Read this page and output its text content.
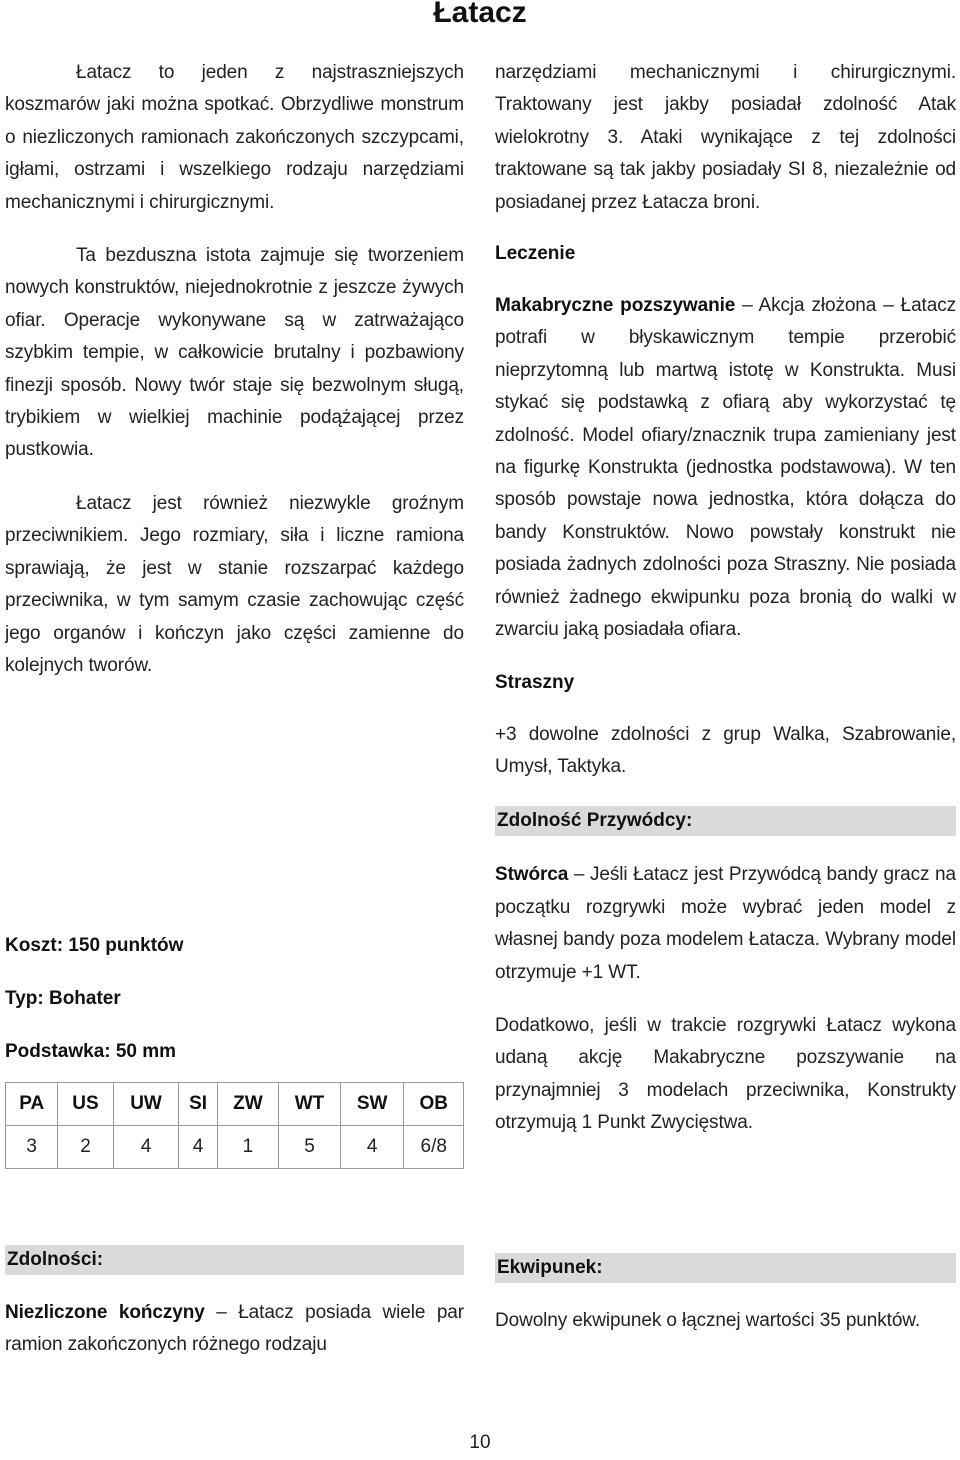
Łatacz

Łatacz to jeden z najstraszniejszych koszmarów jaki można spotkać. Obrzydliwe monstrum o niezliczonych ramionach zakończonych szczypcami, igłami, ostrzami i wszelkiego rodzaju narzędziami mechanicznymi i chirurgicznymi.

Ta bezduszna istota zajmuje się tworzeniem nowych konstruktów, niejednokrotnie z jeszcze żywych ofiar. Operacje wykonywane są w zatrważająco szybkim tempie, w całkowicie brutalny i pozbawiony finezji sposób. Nowy twór staje się bezwolnym sługą, trybikiem w wielkiej machinie podążającej przez pustkowia.

Łatacz jest również niezwykle groźnym przeciwnikiem. Jego rozmiary, siła i liczne ramiona sprawiają, że jest w stanie rozszarpać każdego przeciwnika, w tym samym czasie zachowując część jego organów i kończyn jako części zamienne do kolejnych tworów.

Koszt: 150 punktów
Typ: Bohater
Podstawka: 50 mm
PA	US	UW	SI	ZW	WT	SW	OB
3	2	4	4	1	5	4	6/8
Zdolności:

Niezliczone kończyny – Łatacz posiada wiele par ramion zakończonych różnego rodzaju

narzędziami mechanicznymi i chirurgicznymi. Traktowany jest jakby posiadał zdolność Atak wielokrotny 3. Ataki wynikające z tej zdolności traktowane są tak jakby posiadały SI 8, niezależnie od posiadanej przez Łatacza broni.

Leczenie

Makabryczne pozszywanie – Akcja złożona – Łatacz potrafi w błyskawicznym tempie przerobić nieprzytomną lub martwą istotę w Konstrukta. Musi stykać się podstawką z ofiarą aby wykorzystać tę zdolność. Model ofiary/znacznik trupa zamieniany jest na figurkę Konstrukta (jednostka podstawowa). W ten sposób powstaje nowa jednostka, która dołącza do bandy Konstruktów. Nowo powstały konstrukt nie posiada żadnych zdolności poza Straszny. Nie posiada również żadnego ekwipunku poza bronią do walki w zwarciu jaką posiadała ofiara.

Straszny

+3 dowolne zdolności z grup Walka, Szabrowanie, Umysł, Taktyka.

Zdolność Przywódcy:

Stwórca – Jeśli Łatacz jest Przywódcą bandy gracz na początku rozgrywki może wybrać jeden model z własnej bandy poza modelem Łatacza. Wybrany model otrzymuje +1 WT.

Dodatkowo, jeśli w trakcie rozgrywki Łatacz wykona udaną akcję Makabryczne pozszywanie na przynajmniej 3 modelach przeciwnika, Konstrukty otrzymują 1 Punkt Zwycięstwa.

Ekwipunek:

Dowolny ekwipunek o łącznej wartości 35 punktów.

10
